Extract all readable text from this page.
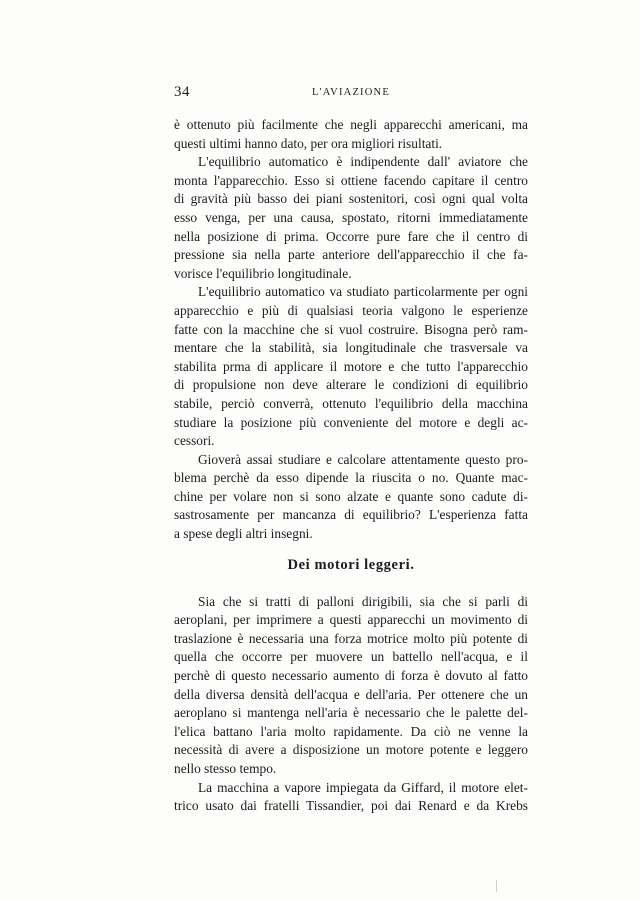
34	L'AVIAZIONE
è ottenuto più facilmente che negli apparecchi americani, ma
questi ultimi hanno dato, per ora migliori risultati.
L'equilibrio automatico è indipendente dall' aviatore che
monta l'apparecchio. Esso si ottiene facendo capitare il centro
di gravità più basso dei piani sostenitori, così ogni qual volta
esso venga, per una causa, spostato, ritorni immediatamente
nella posizione di prima. Occorre pure fare che il centro di
pressione sia nella parte anteriore dell'apparecchio il che fa-
vorisce l'equilibrio longitudinale.
L'equilibrio automatico va studiato particolarmente per ogni
apparecchio e più di qualsiasi teoria valgono le esperienze
fatte con la macchine che si vuol costruire. Bisogna però ram-
mentare che la stabilità, sia longitudinale che trasversale va
stabilita prma di applicare il motore e che tutto l'apparecchio
di propulsione non deve alterare le condizioni di equilibrio
stabile, perciò converrà, ottenuto l'equilibrio della macchina
studiare la posizione più conveniente del motore e degli ac-
cessori.
Gioverà assai studiare e calcolare attentamente questo pro-
blema perchè da esso dipende la riuscita o no. Quante mac-
chine per volare non si sono alzate e quante sono cadute di-
sastrosamente per mancanza di equilibrio? L'esperienza fatta
a spese degli altri insegni.
Dei motori leggeri.
Sia che si tratti di palloni dirigibili, sia che si parli di
aeroplani, per imprimere a questi apparecchi un movimento di
traslazione è necessaria una forza motrice molto più potente di
quella che occorre per muovere un battello nell'acqua, e il
perchè di questo necessario aumento di forza è dovuto al fatto
della diversa densità dell'acqua e dell'aria. Per ottenere che un
aeroplano si mantenga nell'aria è necessario che le palette del-
l'elica battano l'aria molto rapidamente. Da ciò ne venne la
necessità di avere a disposizione un motore potente e leggero
nello stesso tempo.
La macchina a vapore impiegata da Giffard, il motore elet-
trico usato dai fratelli Tissandier, poi dai Renard e da Krebs
